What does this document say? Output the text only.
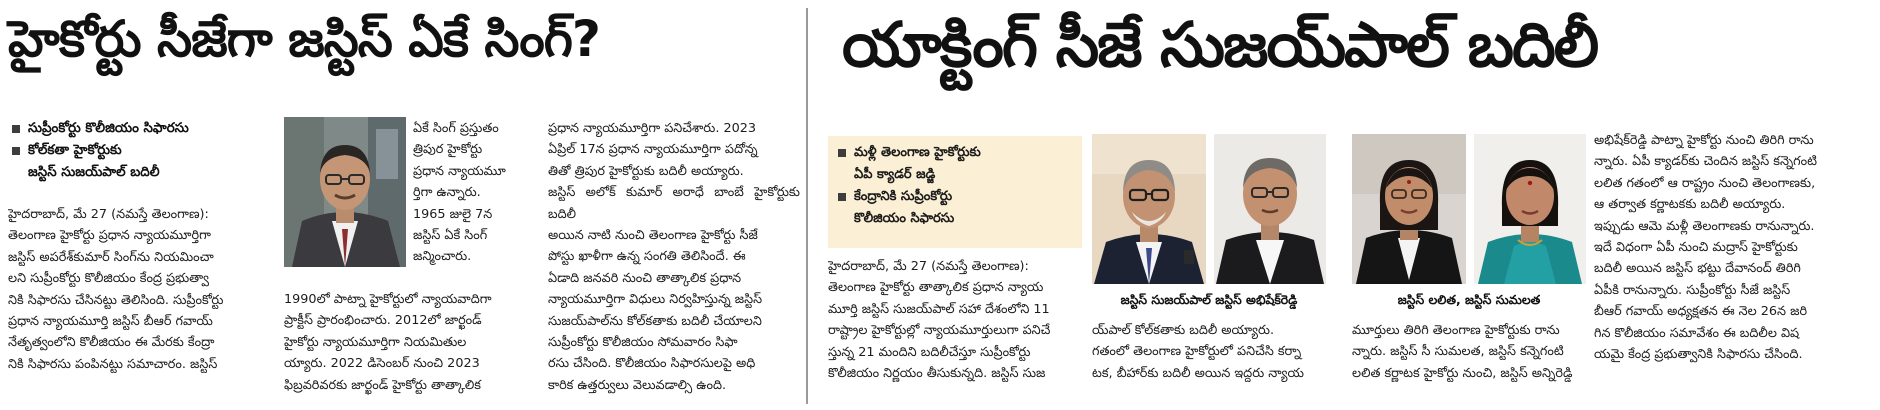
హైకోర్టు సీజేగా జస్టిస్ ఏకే సింగ్?
సుప్రీంకోర్టు కొలీజియం సిఫారసు
కోల్‌కతా హైకోర్టుకు
జస్టిస్ సుజయ్‌పాల్ బదిలీ

హైదరాబాద్, మే 27 (నమస్తే తెలంగాణ):

తెలంగాణ హైకోర్టు ప్రధాన న్యాయమూర్తిగా

జస్టిస్ అపరేశ్‌కుమార్ సింగ్‌ను నియమించా

లని సుప్రీంకోర్టు కొలీజియం కేంద్ర ప్రభుత్వా

నికి సిఫారసు చేసినట్టు తెలిసింది. సుప్రీంకోర్టు

ప్రధాన న్యాయమూర్తి జస్టిస్ బీఆర్ గవాయ్

నేతృత్వంలోని కొలీజియం ఈ మేరకు కేంద్రా

నికి సిఫారసు పంపినట్టు సమాచారం. జస్టిస్

ఏకే సింగ్ ప్రస్తుతం

త్రిపుర హైకోర్టు

ప్రధాన న్యాయమూ

ర్తిగా ఉన్నారు.

1965 జులై 7న

జస్టిస్ ఏకే సింగ్

జన్మించారు.

1990లో పాట్నా హైకోర్టులో న్యాయవాదిగా

ప్రాక్టీస్ ప్రారంభించారు. 2012లో జార్ఖండ్

హైకోర్టు న్యాయమూర్తిగా నియమితుల

య్యారు. 2022 డిసెంబర్ నుంచి 2023

ఫిబ్రవరివరకు జార్ఖండ్ హైకోర్టు తాత్కాలిక

ప్రధాన న్యాయమూర్తిగా పనిచేశారు. 2023

ఏప్రిల్ 17న ప్రధాన న్యాయమూర్తిగా పదోన్న

తితో త్రిపుర హైకోర్టుకు బదిలీ అయ్యారు.

జస్టిస్ అలోక్ కుమార్ అరాధే బాంబే హైకోర్టుకు బదిలీ

అయిన నాటి నుంచి తెలంగాణ హైకోర్టు సీజే

పోస్టు ఖాళీగా ఉన్న సంగతి తెలిసిందే. ఈ

ఏడాది జనవరి నుంచి తాత్కాలిక ప్రధాన

న్యాయమూర్తిగా విధులు నిర్వహిస్తున్న జస్టిస్

సుజయ్‌పాల్‌ను కోల్‌కతాకు బదిలీ చేయాలని

సుప్రీంకోర్టు కొలీజియం సోమవారం సిఫా

రసు చేసింది. కొలీజియం సిఫారసులపై అధి

కారిక ఉత్తర్వులు వెలువడాల్సి ఉంది.

యాక్టింగ్ సీజే సుజయ్‌పాల్ బదిలీ
మళ్లీ తెలంగాణ హైకోర్టుకు
ఏపీ క్యాడర్ జడ్జి
కేంద్రానికి సుప్రీంకోర్టు
కొలీజియం సిఫారసు

హైదరాబాద్, మే 27 (నమస్తే తెలంగాణ):

తెలంగాణ హైకోర్టు తాత్కాలిక ప్రధాన న్యాయ

మూర్తి జస్టిస్ సుజయ్‌పాల్ సహా దేశంలోని 11

రాష్ట్రాల హైకోర్టుల్లో న్యాయమూర్తులుగా పనిచే

స్తున్న 21 మందిని బదిలీచేస్తూ సుప్రీంకోర్టు

కొలీజియం నిర్ణయం తీసుకున్నది. జస్టిస్ సుజ

జస్టిస్ సుజయ్‌పాల్ జస్టిస్ అభిషేక్‌రెడ్డి	జస్టిస్ లలిత, జస్టిస్ సుమలత

య్‌పాల్ కోల్‌కతాకు బదిలీ అయ్యారు.

గతంలో తెలంగాణ హైకోర్టులో పనిచేసి కర్నా

టక, బీహార్‌కు బదిలీ అయిన ఇద్దరు న్యాయ

మూర్తులు తిరిగి తెలంగాణ హైకోర్టుకు రాను

న్నారు. జస్టిస్ సీ సుమలత, జస్టిస్ కన్నెగంటి

లలిత కర్ణాటక హైకోర్టు నుంచి, జస్టిస్ అన్నిరెడ్డి

అభిషేక్‌రెడ్డి పాట్నా హైకోర్టు నుంచి తిరిగి రాను

న్నారు. ఏపీ క్యాడర్‌కు చెందిన జస్టిస్ కన్నెగంటి

లలిత గతంలో ఆ రాష్ట్రం నుంచి తెలంగాణకు,

ఆ తర్వాత కర్ణాటకకు బదిలీ అయ్యారు.

ఇప్పుడు ఆమె మళ్లీ తెలంగాణకు రానున్నారు.

ఇదే విధంగా ఏపీ నుంచి మద్రాస్ హైకోర్టుకు

బదిలీ అయిన జస్టిస్ భట్టు దేవానంద్ తిరిగి

ఏపీకి రానున్నారు. సుప్రీంకోర్టు సీజే జస్టిస్

బీఆర్ గవాయ్ అధ్యక్షతన ఈ నెల 26న జరి

గిన కొలీజియం సమావేశం ఈ బదిలీల విష

యమై కేంద్ర ప్రభుత్వానికి సిఫారసు చేసింది.
